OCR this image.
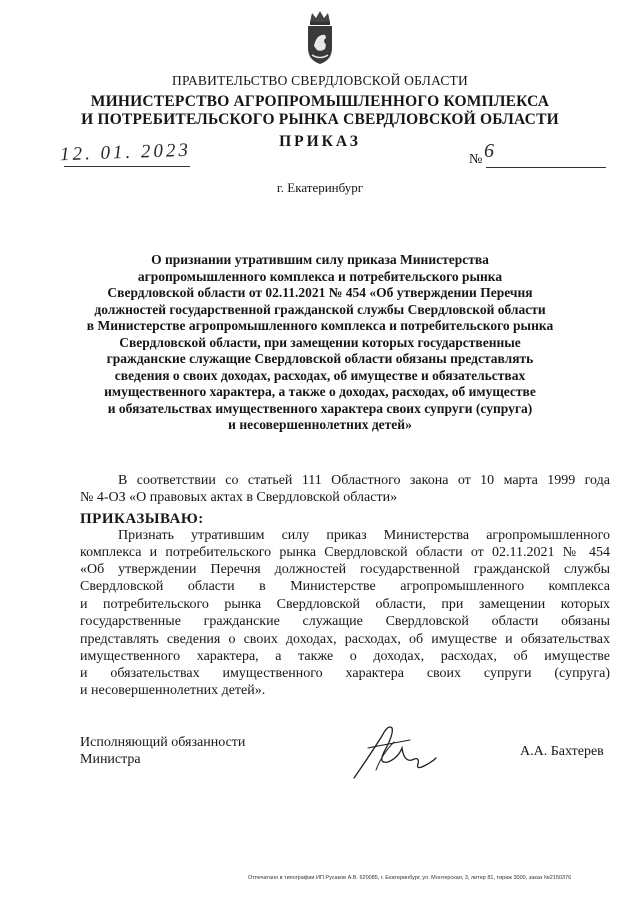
ПРАВИТЕЛЬСТВО СВЕРДЛОВСКОЙ ОБЛАСТИ
МИНИСТЕРСТВО АГРОПРОМЫШЛЕННОГО КОМПЛЕКСА
И ПОТРЕБИТЕЛЬСКОГО РЫНКА СВЕРДЛОВСКОЙ ОБЛАСТИ
ПРИКАЗ
12. 01. 2023	№ 6
г. Екатеринбург
О признании утратившим силу приказа Министерства
агропромышленного комплекса и потребительского рынка
Свердловской области от 02.11.2021 № 454 «Об утверждении Перечня
должностей государственной гражданской службы Свердловской области
в Министерстве агропромышленного комплекса и потребительского рынка
Свердловской области, при замещении которых государственные
гражданские служащие Свердловской области обязаны представлять
сведения о своих доходах, расходах, об имуществе и обязательствах
имущественного характера, а также о доходах, расходах, об имуществе
и обязательствах имущественного характера своих супруги (супруга)
и несовершеннолетних детей»
В соответствии со статьей 111 Областного закона от 10 марта 1999 года
№ 4-ОЗ «О правовых актах в Свердловской области»
ПРИКАЗЫВАЮ:
Признать утратившим силу приказ Министерства агропромышленного
комплекса и потребительского рынка Свердловской области от 02.11.2021 № 454
«Об утверждении Перечня должностей государственной гражданской службы
Свердловской области в Министерстве агропромышленного комплекса
и потребительского рынка Свердловской области, при замещении которых
государственные гражданские служащие Свердловской области обязаны
представлять сведения о своих доходах, расходах, об имуществе и обязательствах
имущественного характера, а также о доходах, расходах, об имуществе
и обязательствах имущественного характера своих супруги (супруга)
и несовершеннолетних детей».
Исполняющий обязанности
Министра
А.А. Бахтерев
Отпечатано в типографии ИП Русаков А.В. 620085, г. Екатеринбург, ул. Монтерская, 3, литер 81, тираж 3000, заказ №2150376
